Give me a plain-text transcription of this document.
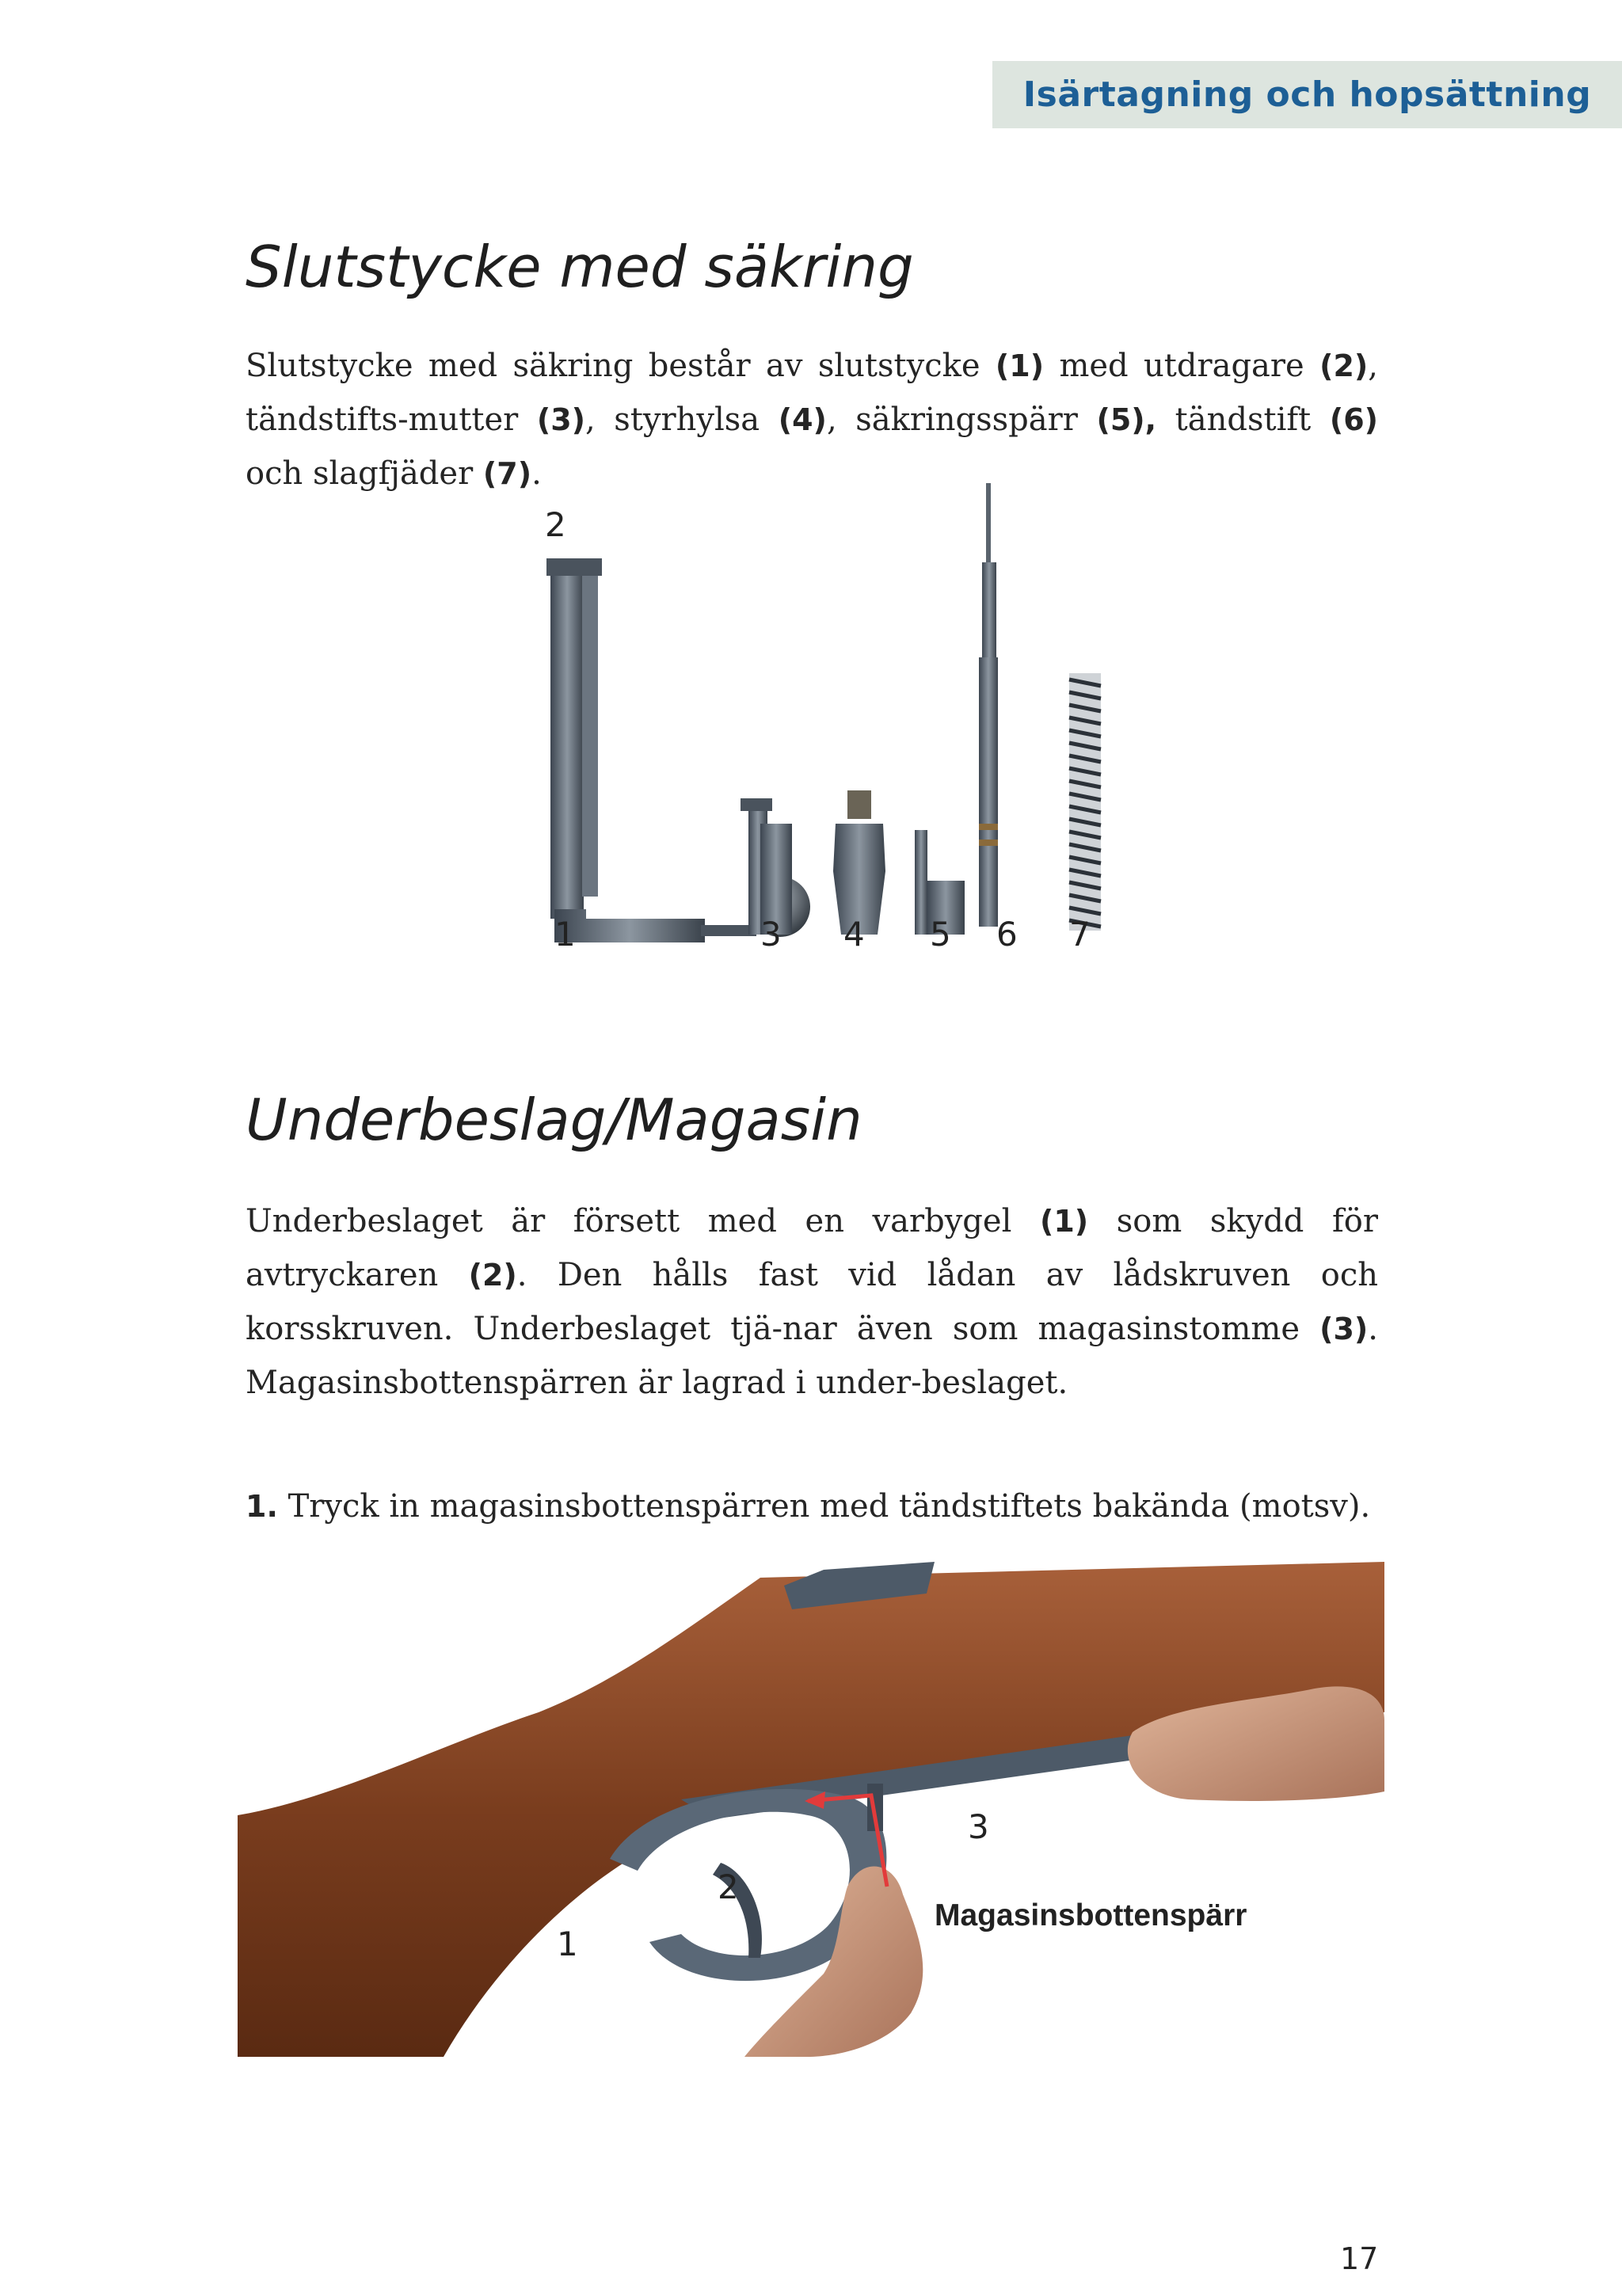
Isärtagning och hopsättning
Slutstycke med säkring

Slutstycke med säkring består av slutstycke (1) med utdragare (2), tändstifts-mutter (3), styrhylsa (4), säkringsspärr (5), tändstift (6) och slagfjäder (7).

2
1	3 4 5 6 7
Underbeslag/Magasin

Underbeslaget är försett med en varbygel (1) som skydd för avtryckaren (2). Den hålls fast vid lådan av lådskruven och korsskruven. Underbeslaget tjä-nar även som magasinstomme (3). Magasinsbottenspärren är lagrad i under-beslaget.

1. Tryck in magasinsbottenspärren med tändstiftets bakända (motsv).

3
2
1
Magasinsbottenspärr
17
